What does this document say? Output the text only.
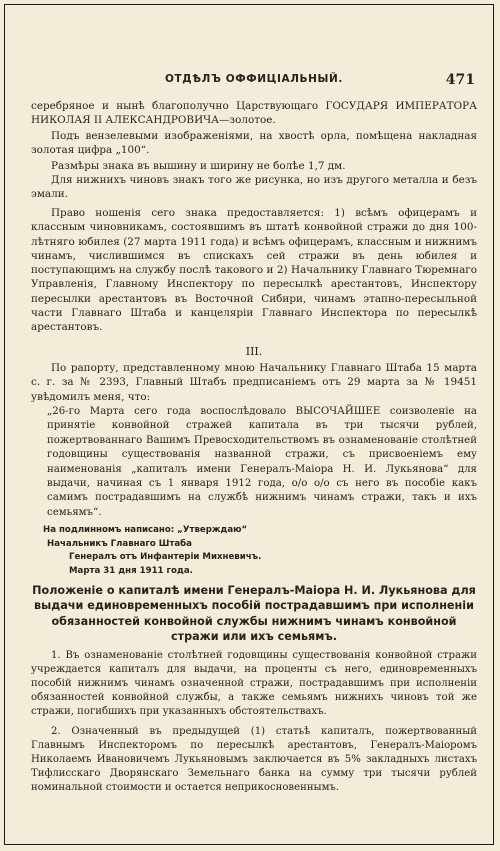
ОТДѢЛЪ ОФФИЦІАЛЬНЫЙ.	471

серебряное и нынѣ благополучно Царствующаго ГОСУДАРЯ ИМПЕРАТОРА НИКОЛАЯ II АЛЕКСАНДРОВИЧА—золотое.

Подъ вензелевыми изображеніями, на хвостѣ орла, помѣщена накладная золотая цифра „100“.

Размѣры знака въ вышину и ширину не болѣе 1,7 дм.

Для нижнихъ чиновъ знакъ того же рисунка, но изъ другого металла и безъ эмали.

Право ношенія сего знака предоставляется: 1) всѣмъ офицерамъ и классным чиновникамъ, состоявшимъ въ штатѣ конвойной стражи до дня 100-лѣтняго юбилея (27 марта 1911 года) и всѣмъ офицерамъ, классным и нижнимъ чинамъ, числившимся въ спискахъ сей стражи въ день юбилея и поступающимъ на службу послѣ такового и 2) Начальнику Главнаго Тюремнаго Управленія, Главному Инспектору по пересылкѣ арестантовъ, Инспектору пересылки арестантовъ въ Восточной Сибири, чинамъ этапно-пересыльной части Главнаго Штаба и канцеляріи Главнаго Инспектора по пересылкѣ арестантовъ.

III.

По рапорту, представленному мною Начальнику Главнаго Штаба 15 марта с. г. за № 2393, Главный Штабъ предписаніемъ отъ 29 марта за № 19451 увѣдомилъ меня, что:

„26-го Марта сего года воспослѣдовало ВЫСОЧАЙШЕЕ соизволеніе на принятіе конвойной стражей капитала въ три тысячи рублей, пожертвованнаго Вашимъ Превосходительствомъ въ ознаменованіе столѣтней годовщины существованія названной стражи, съ присвоеніемъ ему наименованія „капиталъ имени Генералъ-Маіора Н. И. Лукьянова“ для выдачи, начиная съ 1 января 1912 года, о/о о/о съ него въ пособіе какъ самимъ пострадавшимъ на службѣ нижнимъ чинамъ стражи, такъ и ихъ семьямъ“.

На подлинномъ написано: „Утверждаю“

Начальникъ Главнаго Штаба

Генералъ отъ Инфантеріи Михневичъ.

Марта 31 дня 1911 года.

Положеніе о капиталѣ имени Генералъ-Маіора Н. И. Лукьянова для выдачи единовременныхъ пособій пострадавшимъ при исполненіи обязанностей конвойной службы нижнимъ чинамъ конвойной стражи или ихъ семьямъ.

1. Въ ознаменованіе столѣтней годовщины существованія конвойной стражи учреждается капиталъ для выдачи, на проценты съ него, единовременныхъ пособій нижнимъ чинамъ означенной стражи, пострадавшимъ при исполненіи обязанностей конвойной службы, а также семьямъ нижнихъ чиновъ той же стражи, погибшихъ при указанныхъ обстоятельствахъ.

2. Означенный въ предыдущей (1) статьѣ капиталъ, пожертвованный Главнымъ Инспекторомъ по пересылкѣ арестантовъ, Генералъ-Маіоромъ Николаемъ Ивановичемъ Лукьяновымъ заключается въ 5% закладныхъ листахъ Тифлисскаго Дворянскаго Земельнаго банка на сумму три тысячи рублей номинальной стоимости и остается неприкосновеннымъ.
